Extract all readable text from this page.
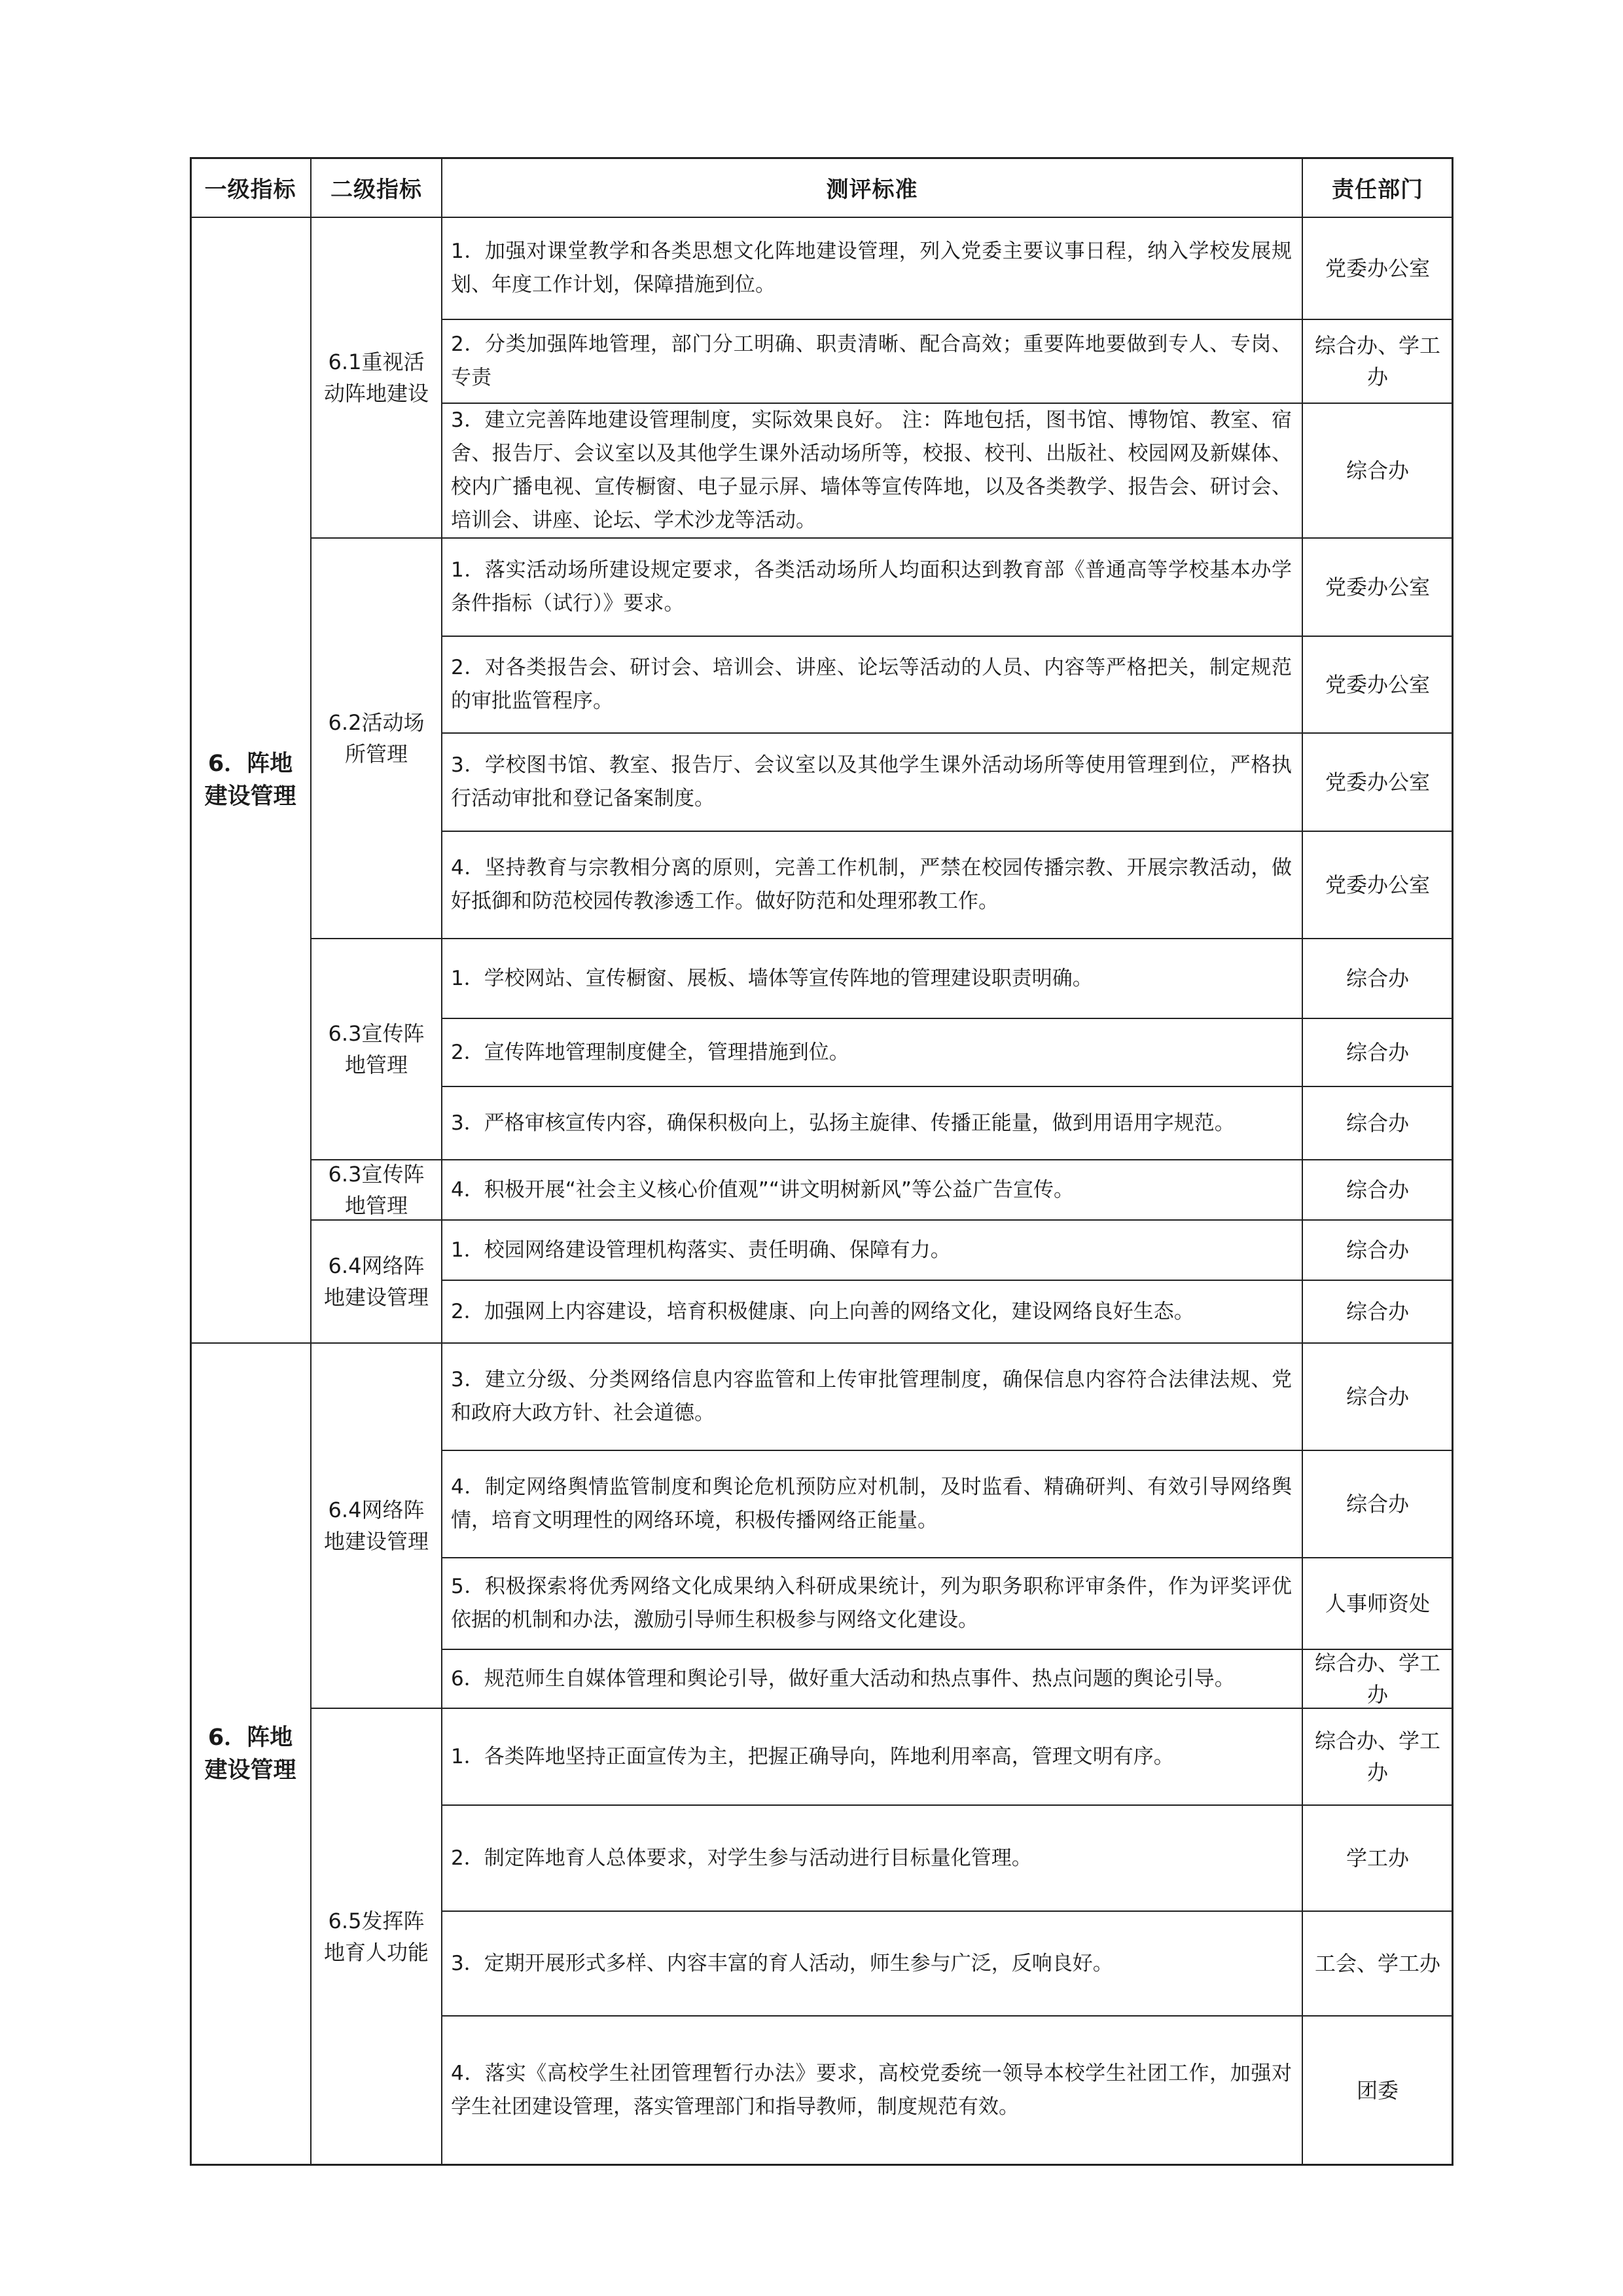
一级指标 二级指标	测评标准	责任部门
6．阵地建设管理
6．阵地建设管理
6.1重视活动阵地建设
6.2活动场所管理
6.3宣传阵地管理
6.3宣传阵地管理
6.4网络阵地建设管理
6.4网络阵地建设管理
6.5发挥阵地育人功能
1．加强对课堂教学和各类思想文化阵地建设管理，列入党委主要议事日程，纳入学校发展规划、年度工作计划，保障措施到位。
2．分类加强阵地管理，部门分工明确、职责清晰、配合高效；重要阵地要做到专人、专岗、专责
3．建立完善阵地建设管理制度，实际效果良好。 注：阵地包括，图书馆、博物馆、教室、宿舍、报告厅、会议室以及其他学生课外活动场所等，校报、校刊、出版社、校园网及新媒体、校内广播电视、宣传橱窗、电子显示屏、墙体等宣传阵地，以及各类教学、报告会、研讨会、培训会、讲座、论坛、学术沙龙等活动。
1．落实活动场所建设规定要求，各类活动场所人均面积达到教育部《普通高等学校基本办学条件指标（试行）》要求。
2．对各类报告会、研讨会、培训会、讲座、论坛等活动的人员、内容等严格把关，制定规范的审批监管程序。
3．学校图书馆、教室、报告厅、会议室以及其他学生课外活动场所等使用管理到位，严格执行活动审批和登记备案制度。
4．坚持教育与宗教相分离的原则，完善工作机制，严禁在校园传播宗教、开展宗教活动，做好抵御和防范校园传教渗透工作。做好防范和处理邪教工作。
1．学校网站、宣传橱窗、展板、墙体等宣传阵地的管理建设职责明确。
2．宣传阵地管理制度健全，管理措施到位。
3．严格审核宣传内容，确保积极向上，弘扬主旋律、传播正能量，做到用语用字规范。
4．积极开展“社会主义核心价值观”“讲文明树新风”等公益广告宣传。
1．校园网络建设管理机构落实、责任明确、保障有力。
2．加强网上内容建设，培育积极健康、向上向善的网络文化，建设网络良好生态。
3．建立分级、分类网络信息内容监管和上传审批管理制度，确保信息内容符合法律法规、党和政府大政方针、社会道德。
4．制定网络舆情监管制度和舆论危机预防应对机制，及时监看、精确研判、有效引导网络舆情，培育文明理性的网络环境，积极传播网络正能量。
5．积极探索将优秀网络文化成果纳入科研成果统计，列为职务职称评审条件，作为评奖评优依据的机制和办法，激励引导师生积极参与网络文化建设。
6．规范师生自媒体管理和舆论引导，做好重大活动和热点事件、热点问题的舆论引导。
1．各类阵地坚持正面宣传为主，把握正确导向，阵地利用率高，管理文明有序。
2．制定阵地育人总体要求，对学生参与活动进行目标量化管理。
3．定期开展形式多样、内容丰富的育人活动，师生参与广泛，反响良好。
4．落实《高校学生社团管理暂行办法》要求，高校党委统一领导本校学生社团工作，加强对学生社团建设管理，落实管理部门和指导教师，制度规范有效。
党委办公室
综合办、学工办
综合办
党委办公室
党委办公室
党委办公室
党委办公室
综合办
综合办
综合办
综合办
综合办
综合办
综合办
综合办
人事师资处
综合办、学工办
综合办、学工办
学工办
工会、学工办
团委
